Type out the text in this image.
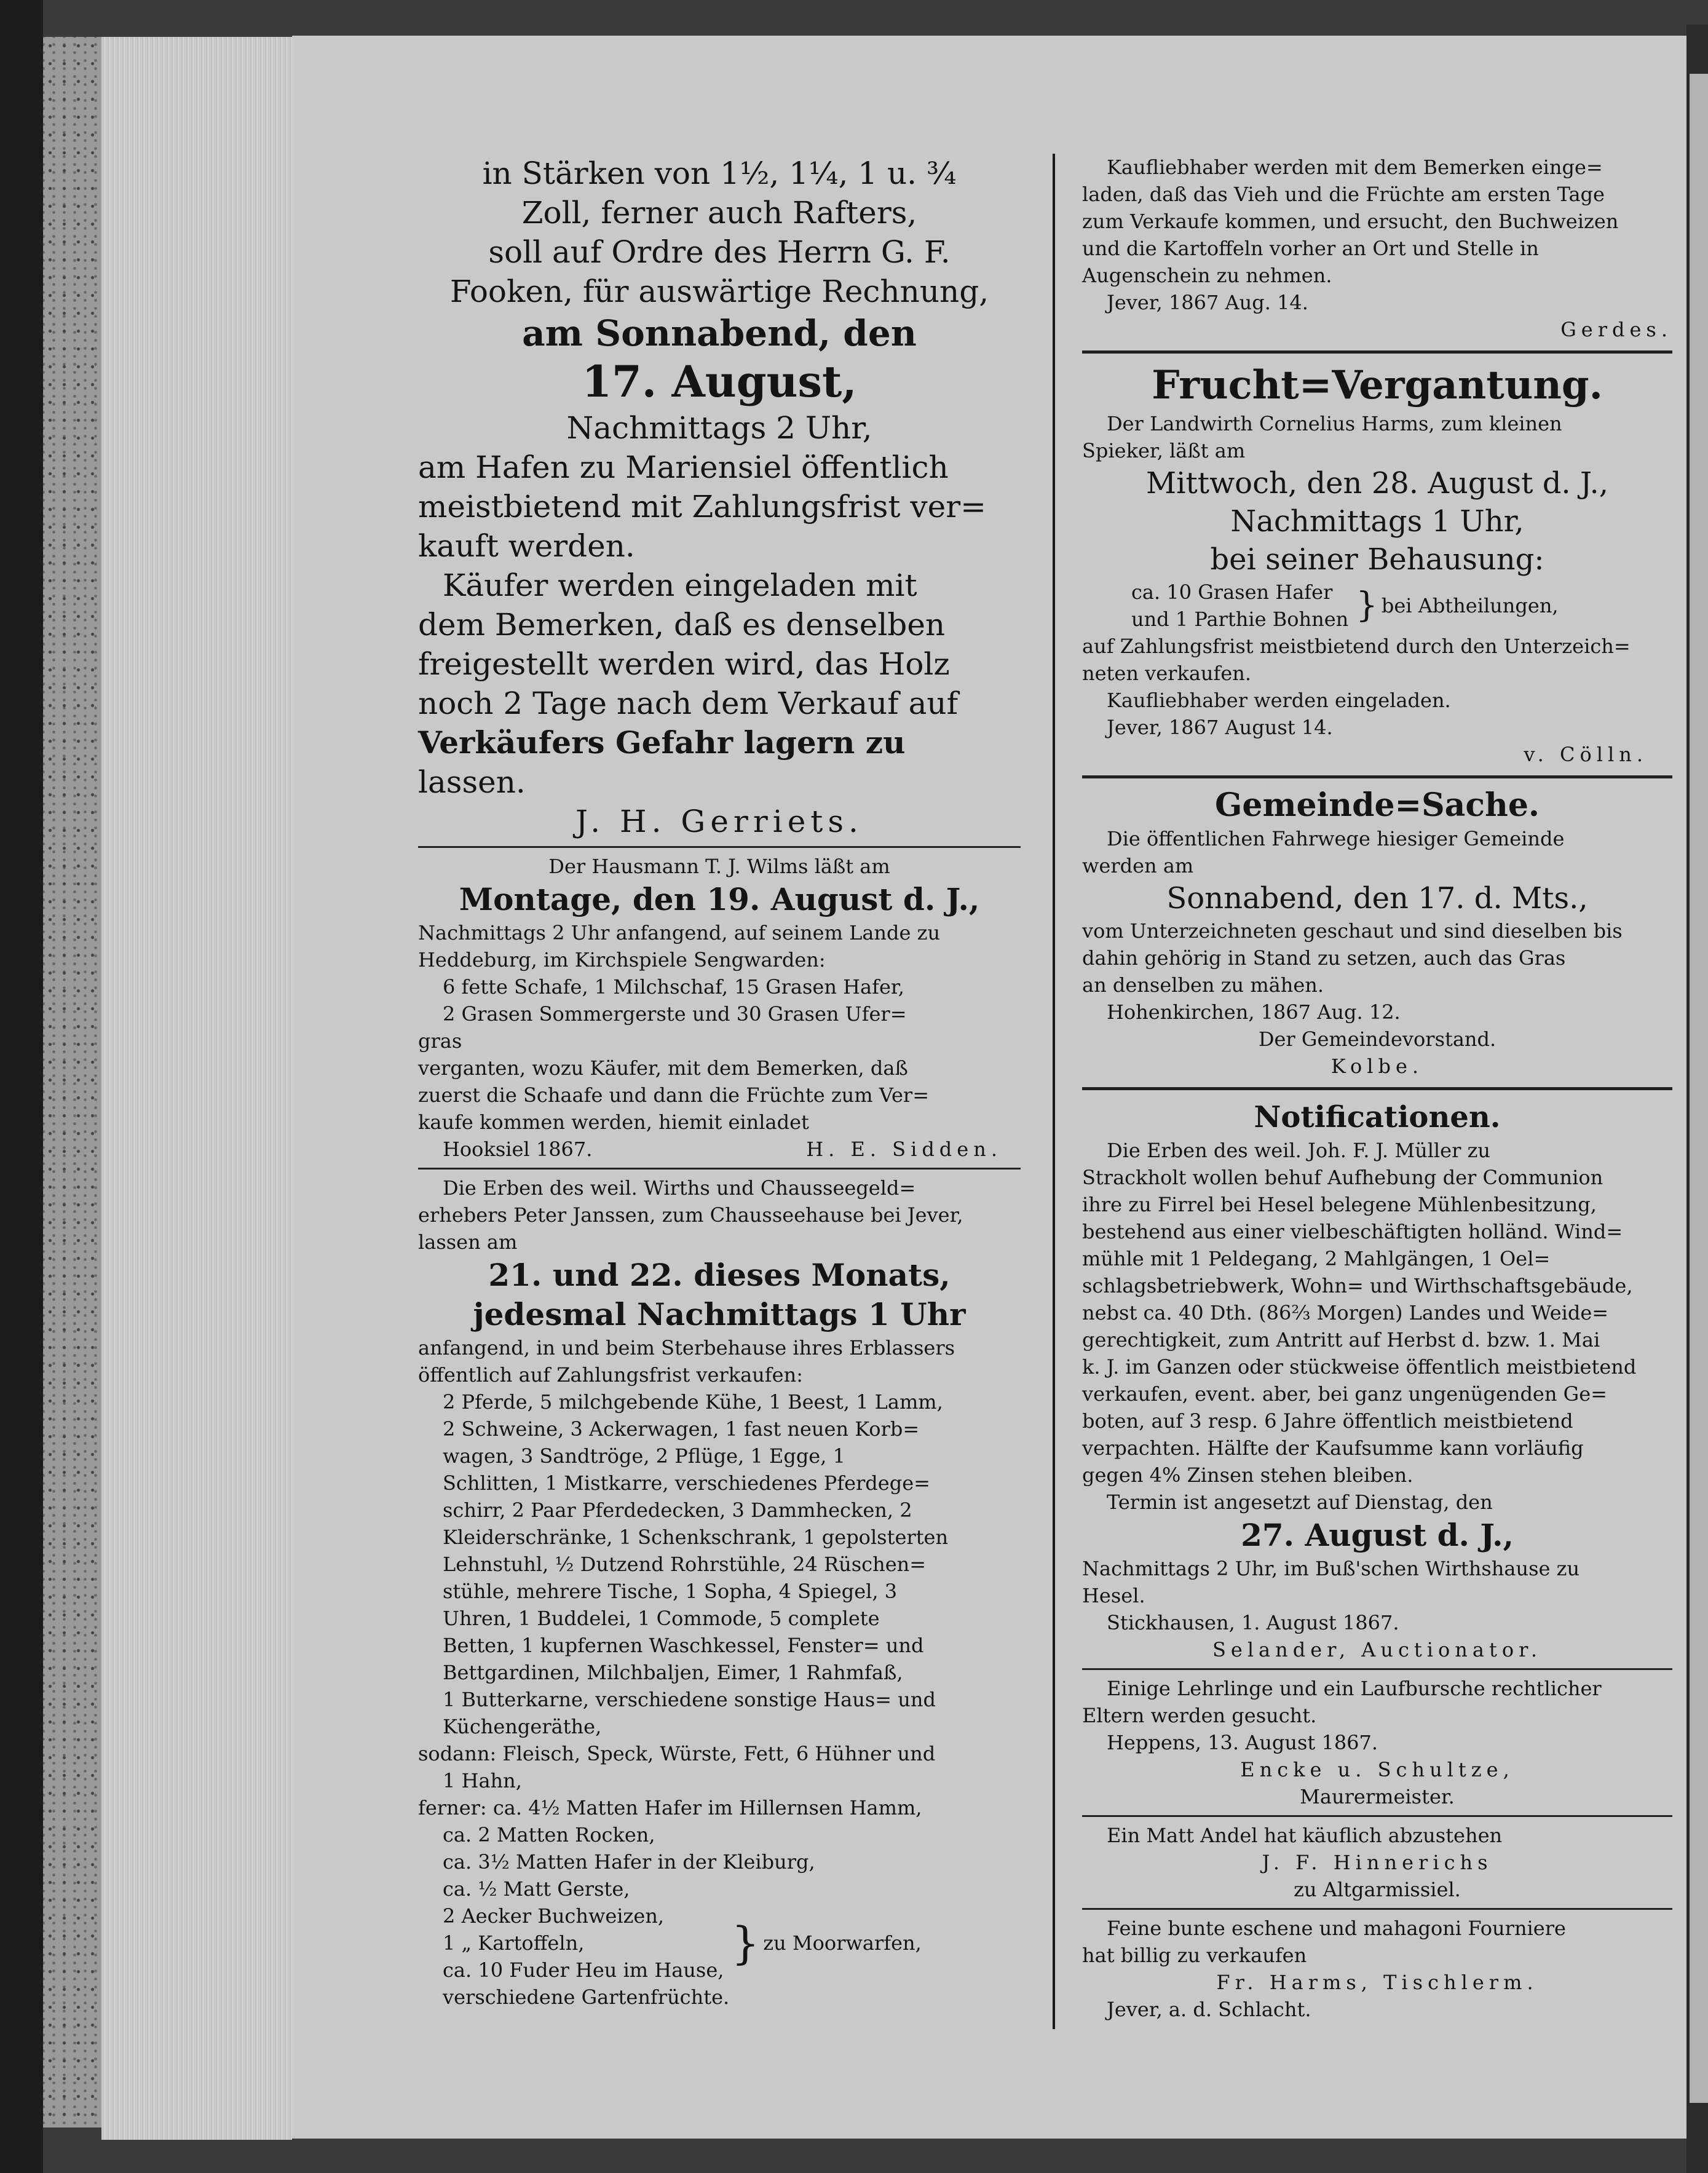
in Stärken von 1½, 1¼, 1 u. ¾

Zoll, ferner auch Rafters,

soll auf Ordre des Herrn G. F.

Fooken, für auswärtige Rechnung,

am Sonnabend, den

17. August,

Nachmittags 2 Uhr,

am Hafen zu Mariensiel öffentlich

meistbietend mit Zahlungsfrist ver=

kauft werden.

Käufer werden eingeladen mit

dem Bemerken, daß es denselben

freigestellt werden wird, das Holz

noch 2 Tage nach dem Verkauf auf

Verkäufers Gefahr lagern zu

lassen.

J. H. Gerriets.

Der Hausmann T. J. Wilms läßt am

Montage, den 19. August d. J.,

Nachmittags 2 Uhr anfangend, auf seinem Lande zu

Heddeburg, im Kirchspiele Sengwarden:

6 fette Schafe, 1 Milchschaf, 15 Grasen Hafer,

2 Grasen Sommergerste und 30 Grasen Ufer=

gras

verganten, wozu Käufer, mit dem Bemerken, daß

zuerst die Schaafe und dann die Früchte zum Ver=

kaufe kommen werden, hiemit einladet

Hooksiel 1867.	H. E. Sidden.

Die Erben des weil. Wirths und Chausseegeld=

erhebers Peter Janssen, zum Chausseehause bei Jever,

lassen am

21. und 22. dieses Monats,

jedesmal Nachmittags 1 Uhr

anfangend, in und beim Sterbehause ihres Erblassers

öffentlich auf Zahlungsfrist verkaufen:

2 Pferde, 5 milchgebende Kühe, 1 Beest, 1 Lamm,

2 Schweine, 3 Ackerwagen, 1 fast neuen Korb=

wagen, 3 Sandtröge, 2 Pflüge, 1 Egge, 1

Schlitten, 1 Mistkarre, verschiedenes Pferdege=

schirr, 2 Paar Pferdedecken, 3 Dammhecken, 2

Kleiderschränke, 1 Schenkschrank, 1 gepolsterten

Lehnstuhl, ½ Dutzend Rohrstühle, 24 Rüschen=

stühle, mehrere Tische, 1 Sopha, 4 Spiegel, 3

Uhren, 1 Buddelei, 1 Commode, 5 complete

Betten, 1 kupfernen Waschkessel, Fenster= und

Bettgardinen, Milchbaljen, Eimer, 1 Rahmfaß,

1 Butterkarne, verschiedene sonstige Haus= und

Küchengeräthe,

sodann: Fleisch, Speck, Würste, Fett, 6 Hühner und

1 Hahn,

ferner: ca. 4½ Matten Hafer im Hillernsen Hamm,

ca. 2 Matten Rocken,

ca. 3½ Matten Hafer in der Kleiburg,

ca. ½ Matt Gerste,

2 Aecker Buchweizen,

1 „ Kartoffeln,

ca. 10 Fuder Heu im Hause,

} zu Moorwarfen,

verschiedene Gartenfrüchte.

Kaufliebhaber werden mit dem Bemerken einge=

laden, daß das Vieh und die Früchte am ersten Tage

zum Verkaufe kommen, und ersucht, den Buchweizen

und die Kartoffeln vorher an Ort und Stelle in

Augenschein zu nehmen.

Jever, 1867 Aug. 14.

Gerdes.

Frucht=Vergantung.

Der Landwirth Cornelius Harms, zum kleinen

Spieker, läßt am

Mittwoch, den 28. August d. J.,

Nachmittags 1 Uhr,

bei seiner Behausung:

ca. 10 Grasen Hafer

und 1 Parthie Bohnen } bei Abtheilungen,

auf Zahlungsfrist meistbietend durch den Unterzeich=

neten verkaufen.

Kaufliebhaber werden eingeladen.

Jever, 1867 August 14.

v. Cölln.

Gemeinde=Sache.

Die öffentlichen Fahrwege hiesiger Gemeinde

werden am

Sonnabend, den 17. d. Mts.,

vom Unterzeichneten geschaut und sind dieselben bis

dahin gehörig in Stand zu setzen, auch das Gras

an denselben zu mähen.

Hohenkirchen, 1867 Aug. 12.

Der Gemeindevorstand.

Kolbe.

Notificationen.

Die Erben des weil. Joh. F. J. Müller zu

Strackholt wollen behuf Aufhebung der Communion

ihre zu Firrel bei Hesel belegene Mühlenbesitzung,

bestehend aus einer vielbeschäftigten holländ. Wind=

mühle mit 1 Peldegang, 2 Mahlgängen, 1 Oel=

schlagsbetriebwerk, Wohn= und Wirthschaftsgebäude,

nebst ca. 40 Dth. (86⅔ Morgen) Landes und Weide=

gerechtigkeit, zum Antritt auf Herbst d. bzw. 1. Mai

k. J. im Ganzen oder stückweise öffentlich meistbietend

verkaufen, event. aber, bei ganz ungenügenden Ge=

boten, auf 3 resp. 6 Jahre öffentlich meistbietend

verpachten. Hälfte der Kaufsumme kann vorläufig

gegen 4% Zinsen stehen bleiben.

Termin ist angesetzt auf Dienstag, den

27. August d. J.,

Nachmittags 2 Uhr, im Buß'schen Wirthshause zu

Hesel.

Stickhausen, 1. August 1867.

Selander, Auctionator.

Einige Lehrlinge und ein Laufbursche rechtlicher

Eltern werden gesucht.

Heppens, 13. August 1867.

Encke u. Schultze,

Maurermeister.

Ein Matt Andel hat käuflich abzustehen

J. F. Hinnerichs

zu Altgarmissiel.

Feine bunte eschene und mahagoni Fourniere

hat billig zu verkaufen

Fr. Harms, Tischlerm.

Jever, a. d. Schlacht.
